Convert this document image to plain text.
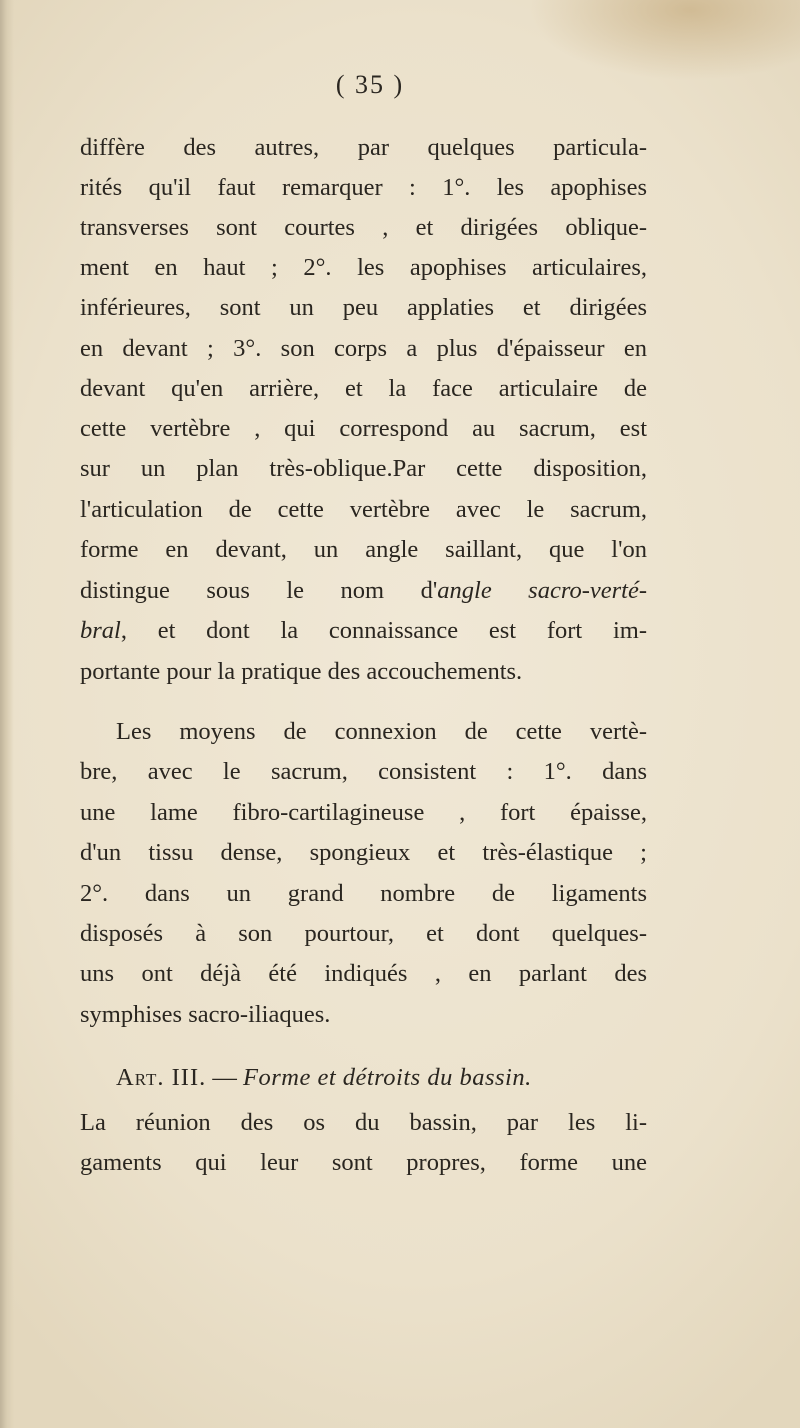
( 35 )
diffère des autres, par quelques particula-
rités qu'il faut remarquer : 1°. les apophises
transverses sont courtes , et dirigées oblique-
ment en haut ; 2°. les apophises articulaires,
inférieures, sont un peu applaties et dirigées
en devant ; 3°. son corps a plus d'épaisseur en
devant qu'en arrière, et la face articulaire de
cette vertèbre , qui correspond au sacrum, est
sur un plan très-oblique.Par cette disposition,
l'articulation de cette vertèbre avec le sacrum,
forme en devant, un angle saillant, que l'on
distingue sous le nom d'angle sacro-verté-
bral, et dont la connaissance est fort im-
portante pour la pratique des accouchements.
Les moyens de connexion de cette vertè-
bre, avec le sacrum, consistent : 1°. dans
une lame fibro-cartilagineuse , fort épaisse,
d'un tissu dense, spongieux et très-élastique ;
2°. dans un grand nombre de ligaments
disposés à son pourtour, et dont quelques-
uns ont déjà été indiqués , en parlant des
symphises sacro-iliaques.
Art. III. — Forme et détroits du bassin.
La réunion des os du bassin, par les li-
gaments qui leur sont propres, forme une
